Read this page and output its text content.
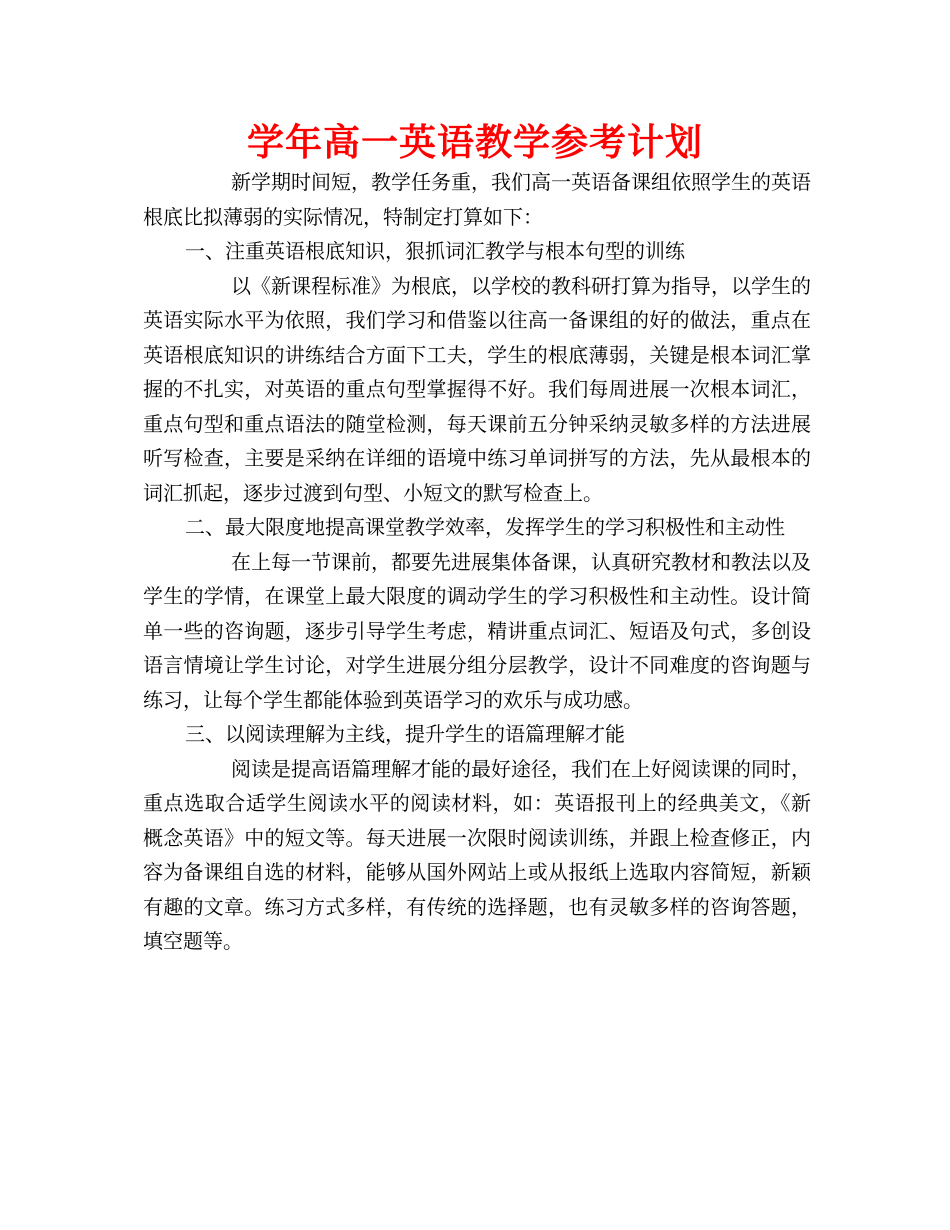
学年高一英语教学参考计划

新学期时间短，教学任务重，我们高一英语备课组依照学生的英语根底比拟薄弱的实际情况，特制定打算如下：

一、注重英语根底知识，狠抓词汇教学与根本句型的训练

以《新课程标准》为根底，以学校的教科研打算为指导，以学生的英语实际水平为依照，我们学习和借鉴以往高一备课组的好的做法，重点在英语根底知识的讲练结合方面下工夫，学生的根底薄弱，关键是根本词汇掌握的不扎实，对英语的重点句型掌握得不好。我们每周进展一次根本词汇，重点句型和重点语法的随堂检测，每天课前五分钟采纳灵敏多样的方法进展听写检查，主要是采纳在详细的语境中练习单词拼写的方法，先从最根本的词汇抓起，逐步过渡到句型、小短文的默写检查上。

二、最大限度地提高课堂教学效率，发挥学生的学习积极性和主动性

在上每一节课前，都要先进展集体备课，认真研究教材和教法以及学生的学情，在课堂上最大限度的调动学生的学习积极性和主动性。设计简单一些的咨询题，逐步引导学生考虑，精讲重点词汇、短语及句式，多创设语言情境让学生讨论，对学生进展分组分层教学，设计不同难度的咨询题与练习，让每个学生都能体验到英语学习的欢乐与成功感。

三、以阅读理解为主线，提升学生的语篇理解才能

阅读是提高语篇理解才能的最好途径，我们在上好阅读课的同时，重点选取合适学生阅读水平的阅读材料，如：英语报刊上的经典美文，《新概念英语》中的短文等。每天进展一次限时阅读训练，并跟上检查修正，内容为备课组自选的材料，能够从国外网站上或从报纸上选取内容简短，新颖有趣的文章。练习方式多样，有传统的选择题，也有灵敏多样的咨询答题，填空题等。
